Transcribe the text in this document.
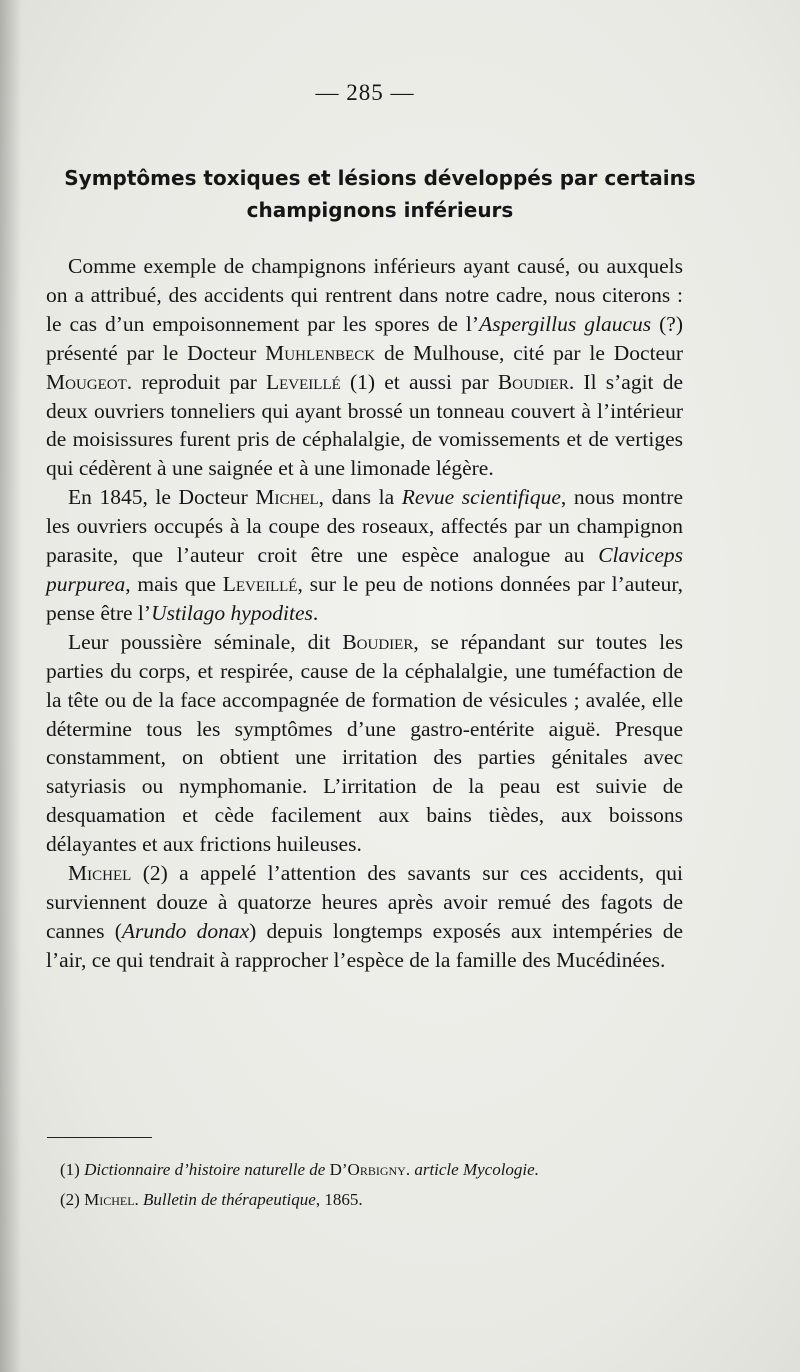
— 285 —
Symptômes toxiques et lésions développés par certains champignons inférieurs

Comme exemple de champignons inférieurs ayant causé, ou auxquels on a attribué, des accidents qui rentrent dans notre cadre, nous citerons : le cas d’un empoisonnement par les spores de l’Aspergillus glaucus (?) présenté par le Docteur Muhlenbeck de Mulhouse, cité par le Docteur Mougeot. reproduit par Leveillé (1) et aussi par Boudier. Il s’agit de deux ouvriers tonneliers qui ayant brossé un tonneau couvert à l’intérieur de moisissures furent pris de céphalalgie, de vomissements et de vertiges qui cédèrent à une saignée et à une limonade légère.

En 1845, le Docteur Michel, dans la Revue scientifique, nous montre les ouvriers occupés à la coupe des roseaux, affectés par un champignon parasite, que l’auteur croit être une espèce analogue au Claviceps purpurea, mais que Leveillé, sur le peu de notions données par l’auteur, pense être l’Ustilago hypodites.

Leur poussière séminale, dit Boudier, se répandant sur toutes les parties du corps, et respirée, cause de la céphalalgie, une tuméfaction de la tête ou de la face accompagnée de formation de vésicules ; avalée, elle détermine tous les symptômes d’une gastro-entérite aiguë. Presque constamment, on obtient une irritation des parties génitales avec satyriasis ou nymphomanie. L’irritation de la peau est suivie de desquamation et cède facilement aux bains tièdes, aux boissons délayantes et aux frictions huileuses.

Michel (2) a appelé l’attention des savants sur ces accidents, qui surviennent douze à quatorze heures après avoir remué des fagots de cannes (Arundo donax) depuis longtemps exposés aux intempéries de l’air, ce qui tendrait à rapprocher l’espèce de la famille des Mucédinées.

(1) Dictionnaire d’histoire naturelle de D’Orbigny. article Mycologie.
(2) Michel. Bulletin de thérapeutique, 1865.
